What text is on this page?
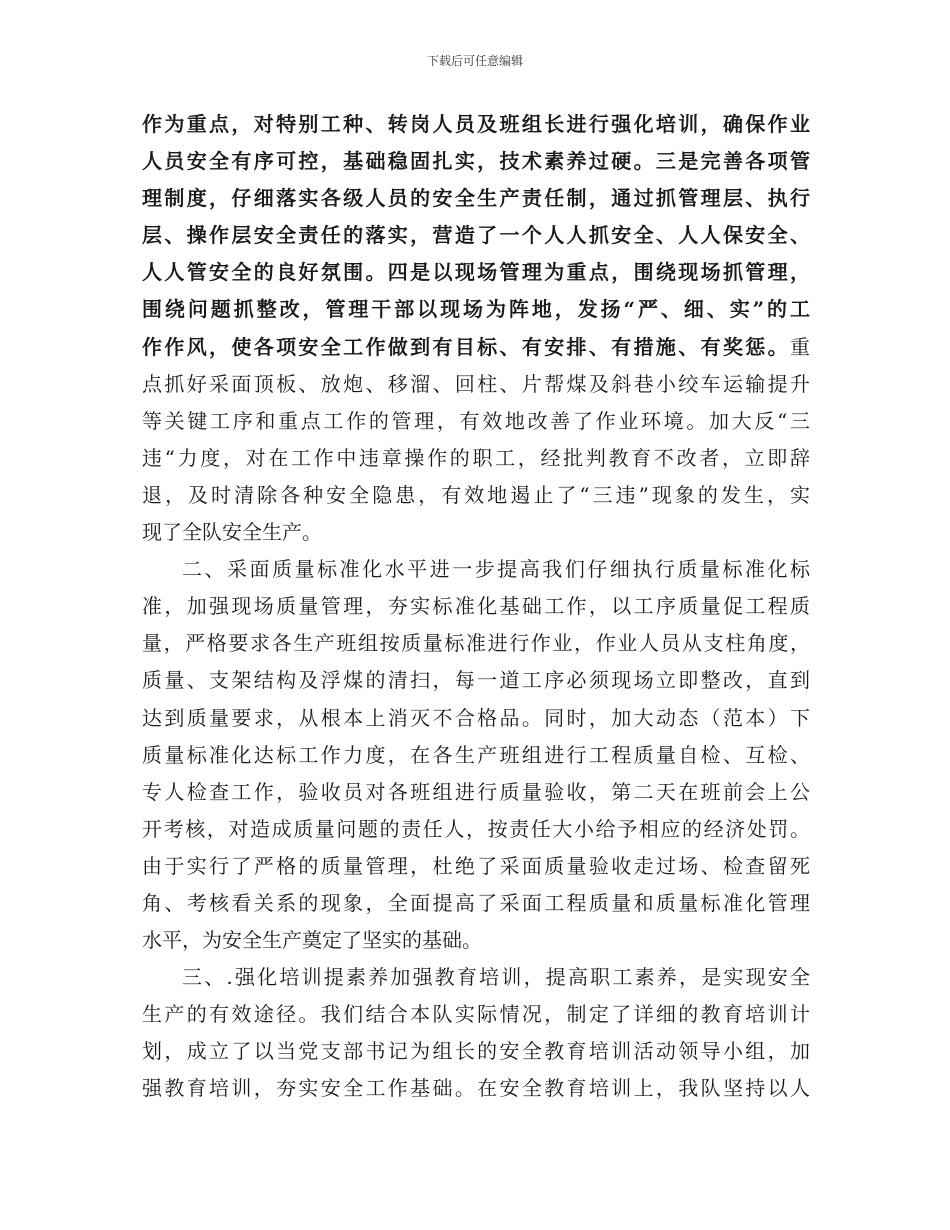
下载后可任意编辑
作为重点，对特别工种、转岗人员及班组长进行强化培训，确保作业
人员安全有序可控，基础稳固扎实，技术素养过硬。三是完善各项管
理制度，仔细落实各级人员的安全生产责任制，通过抓管理层、执行
层、操作层安全责任的落实，营造了一个人人抓安全、人人保安全、
人人管安全的良好氛围。四是以现场管理为重点，围绕现场抓管理，
围绕问题抓整改，管理干部以现场为阵地，发扬“严、细、实”的工
作作风，使各项安全工作做到有目标、有安排、有措施、有奖惩。重
点抓好采面顶板、放炮、移溜、回柱、片帮煤及斜巷小绞车运输提升
等关键工序和重点工作的管理，有效地改善了作业环境。加大反“三
违“力度，对在工作中违章操作的职工，经批判教育不改者，立即辞
退，及时清除各种安全隐患，有效地遏止了“三违”现象的发生，实
现了全队安全生产。
二、采面质量标准化水平进一步提高我们仔细执行质量标准化标
准，加强现场质量管理，夯实标准化基础工作，以工序质量促工程质
量，严格要求各生产班组按质量标准进行作业，作业人员从支柱角度，
质量、支架结构及浮煤的清扫，每一道工序必须现场立即整改，直到
达到质量要求，从根本上消灭不合格品。同时，加大动态（范本）下
质量标准化达标工作力度，在各生产班组进行工程质量自检、互检、
专人检查工作，验收员对各班组进行质量验收，第二天在班前会上公
开考核，对造成质量问题的责任人，按责任大小给予相应的经济处罚。
由于实行了严格的质量管理，杜绝了采面质量验收走过场、检查留死
角、考核看关系的现象，全面提高了采面工程质量和质量标准化管理
水平，为安全生产奠定了坚实的基础。
三、.强化培训提素养加强教育培训，提高职工素养，是实现安全
生产的有效途径。我们结合本队实际情况，制定了详细的教育培训计
划，成立了以当党支部书记为组长的安全教育培训活动领导小组，加
强教育培训，夯实安全工作基础。在安全教育培训上，我队坚持以人
